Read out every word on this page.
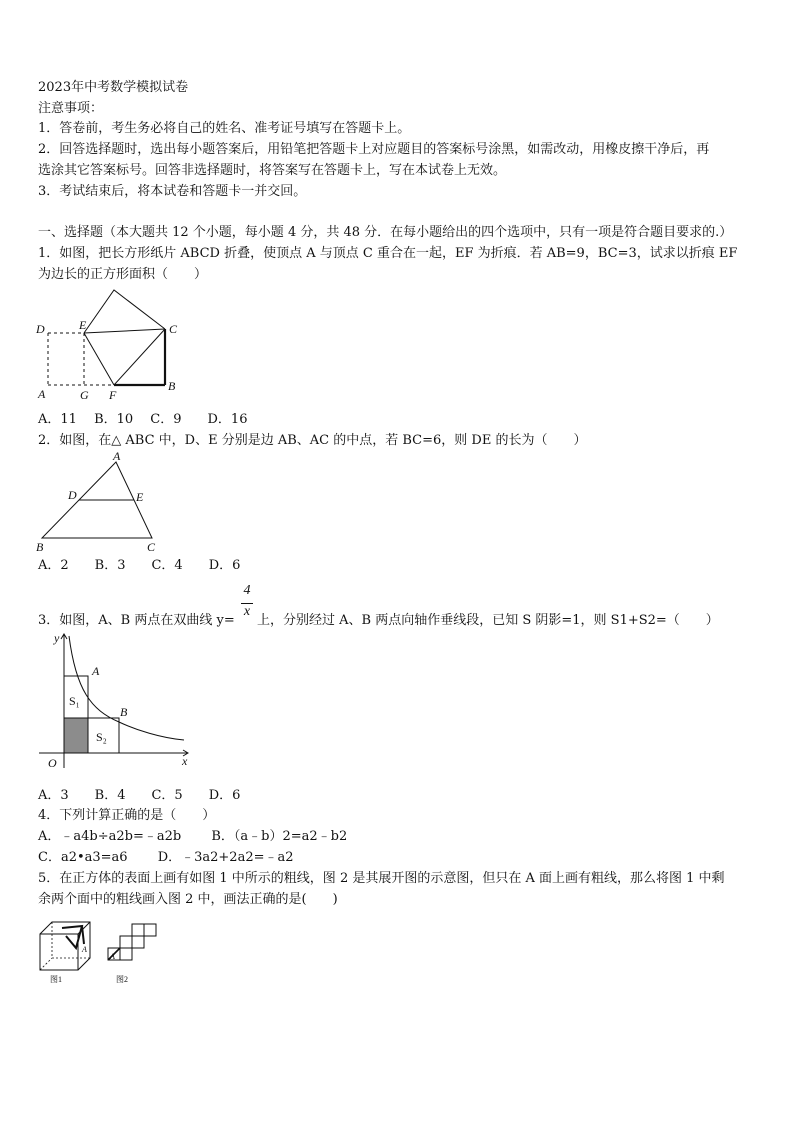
2023年中考数学模拟试卷
注意事项：
1．答卷前，考生务必将自己的姓名、准考证号填写在答题卡上。
2．回答选择题时，选出每小题答案后，用铅笔把答题卡上对应题目的答案标号涂黑，如需改动，用橡皮擦干净后，再
选涂其它答案标号。回答非选择题时，将答案写在答题卡上，写在本试卷上无效。
3．考试结束后，将本试卷和答题卡一并交回。
一、选择题（本大题共 12 个小题，每小题 4 分，共 48 分．在每小题给出的四个选项中，只有一项是符合题目要求的.）
1．如图，把长方形纸片 ABCD 折叠，使顶点 A 与顶点 C 重合在一起，EF 为折痕．若 AB=9，BC=3，试求以折痕 EF
为边长的正方形面积（　　）
D	E	C
A	G F
B
A．11　 B．10　 C．9　　D．16
2．如图，在△ ABC 中，D、E 分别是边 AB、AC 的中点，若 BC=6，则 DE 的长为（　　）
A
D	E
B	C
A．2　　B．3　　C．4　　D．6
4
x
3．如图，A、B 两点在双曲线 y= 上，分别经过 A、B 两点向轴作垂线段，已知 S 阴影=1，则 S1+S2=（　　）
y
A
S₁
B
S₂
O	x
A．3　　B．4　　C．5　　D．6
4．下列计算正确的是（　　）
A．﹣a4b÷a2b=﹣a2b　　 B．（a﹣b）2=a2﹣b2
C．a2•a3=a6　　 D．﹣3a2+2a2=﹣a2
5．在正方体的表面上画有如图 1 中所示的粗线，图 2 是其展开图的示意图，但只在 A 面上画有粗线，那么将图 1 中剩
余两个面中的粗线画入图 2 中，画法正确的是(　　)
A
图1
A
图2
